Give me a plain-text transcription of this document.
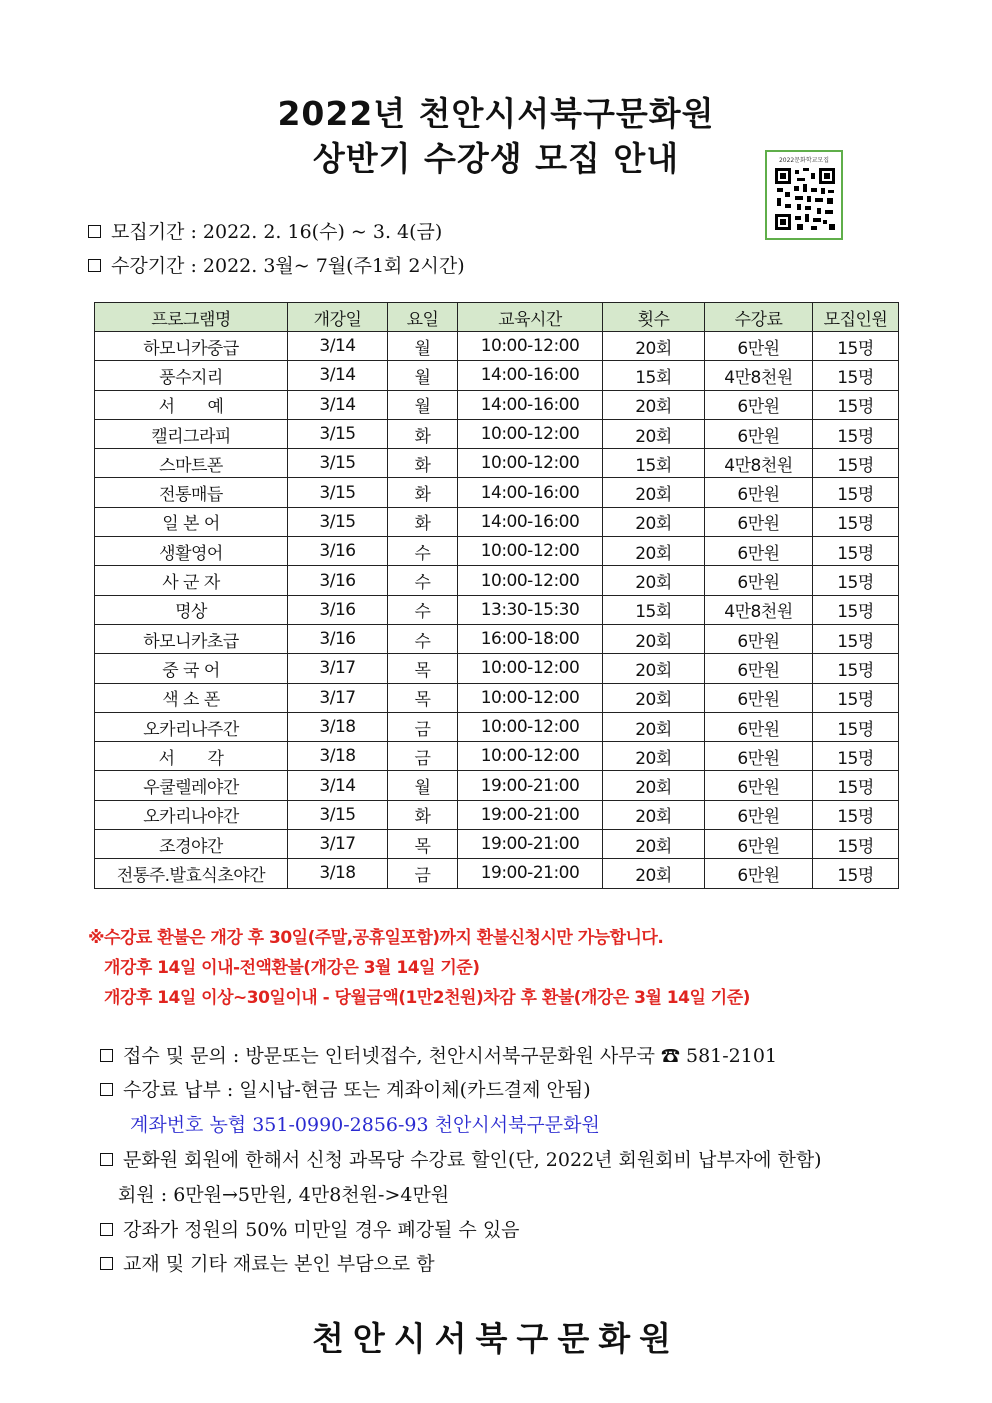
2022년 천안시서북구문화원
상반기 수강생 모집 안내	2022문화학교모집
모집기간 : 2022. 2. 16(수) ~ 3. 4(금)
수강기간 : 2022. 3월~ 7월(주1회 2시간)
프로그램명	개강일	요일	교육시간	횟수	수강료	모집인원
하모니카중급	3/14	월	10:00-12:00	20회	6만원	15명
풍수지리	3/14	월	14:00-16:00	15회	4만8천원	15명
서　　예	3/14	월	14:00-16:00	20회	6만원	15명
캘리그라피	3/15	화	10:00-12:00	20회	6만원	15명
스마트폰	3/15	화	10:00-12:00	15회	4만8천원	15명
전통매듭	3/15	화	14:00-16:00	20회	6만원	15명
일 본 어	3/15	화	14:00-16:00	20회	6만원	15명
생활영어	3/16	수	10:00-12:00	20회	6만원	15명
사 군 자	3/16	수	10:00-12:00	20회	6만원	15명
명상	3/16	수	13:30-15:30	15회	4만8천원	15명
하모니카초급	3/16	수	16:00-18:00	20회	6만원	15명
중 국 어	3/17	목	10:00-12:00	20회	6만원	15명
색 소 폰	3/17	목	10:00-12:00	20회	6만원	15명
오카리나주간	3/18	금	10:00-12:00	20회	6만원	15명
서　　각	3/18	금	10:00-12:00	20회	6만원	15명
우쿨렐레야간	3/14	월	19:00-21:00	20회	6만원	15명
오카리나야간	3/15	화	19:00-21:00	20회	6만원	15명
조경야간	3/17	목	19:00-21:00	20회	6만원	15명
전통주.발효식초야간	3/18	금	19:00-21:00	20회	6만원	15명
※수강료 환불은 개강 후 30일(주말,공휴일포함)까지 환불신청시만 가능합니다.
개강후 14일 이내-전액환불(개강은 3월 14일 기준)
개강후 14일 이상~30일이내 - 당월금액(1만2천원)차감 후 환불(개강은 3월 14일 기준)
접수 및 문의 : 방문또는 인터넷접수, 천안시서북구문화원 사무국 ☎ 581-2101
수강료 납부 : 일시납-현금 또는 계좌이체(카드결제 안됨)
계좌번호 농협 351-0990-2856-93 천안시서북구문화원
문화원 회원에 한해서 신청 과목당 수강료 할인(단, 2022년 회원회비 납부자에 한함)
회원 : 6만원→5만원, 4만8천원->4만원
강좌가 정원의 50% 미만일 경우 폐강될 수 있음
교재 및 기타 재료는 본인 부담으로 함
천안시서북구문화원
